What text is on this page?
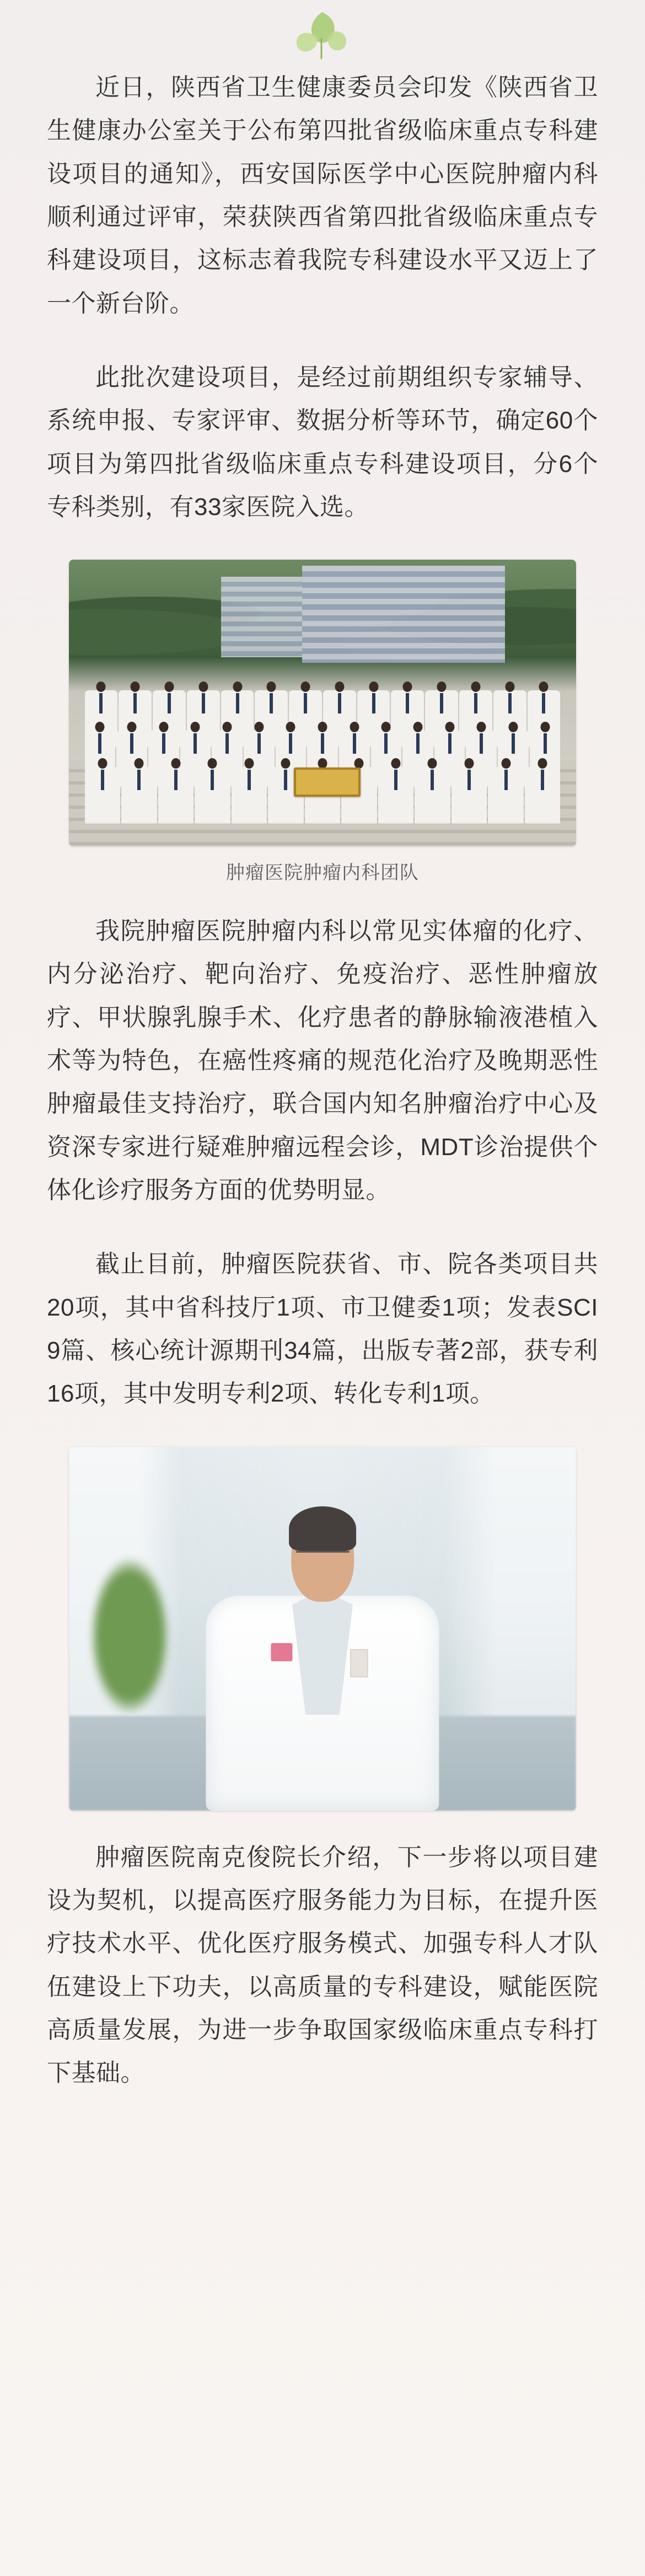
近日，陕西省卫生健康委员会印发《陕西省卫生健康办公室关于公布第四批省级临床重点专科建设项目的通知》，西安国际医学中心医院肿瘤内科顺利通过评审，荣获陕西省第四批省级临床重点专科建设项目，这标志着我院专科建设水平又迈上了一个新台阶。

此批次建设项目，是经过前期组织专家辅导、系统申报、专家评审、数据分析等环节，确定60个项目为第四批省级临床重点专科建设项目，分6个专科类别，有33家医院入选。

肿瘤医院肿瘤内科团队

我院肿瘤医院肿瘤内科以常见实体瘤的化疗、内分泌治疗、靶向治疗、免疫治疗、恶性肿瘤放疗、甲状腺乳腺手术、化疗患者的静脉输液港植入术等为特色，在癌性疼痛的规范化治疗及晚期恶性肿瘤最佳支持治疗，联合国内知名肿瘤治疗中心及资深专家进行疑难肿瘤远程会诊，MDT诊治提供个体化诊疗服务方面的优势明显。

截止目前，肿瘤医院获省、市、院各类项目共20项，其中省科技厅1项、市卫健委1项；发表SCI 9篇、核心统计源期刊34篇，出版专著2部，获专利16项，其中发明专利2项、转化专利1项。

肿瘤医院南克俊院长介绍，下一步将以项目建设为契机，以提高医疗服务能力为目标，在提升医疗技术水平、优化医疗服务模式、加强专科人才队伍建设上下功夫，以高质量的专科建设，赋能医院高质量发展，为进一步争取国家级临床重点专科打下基础。
